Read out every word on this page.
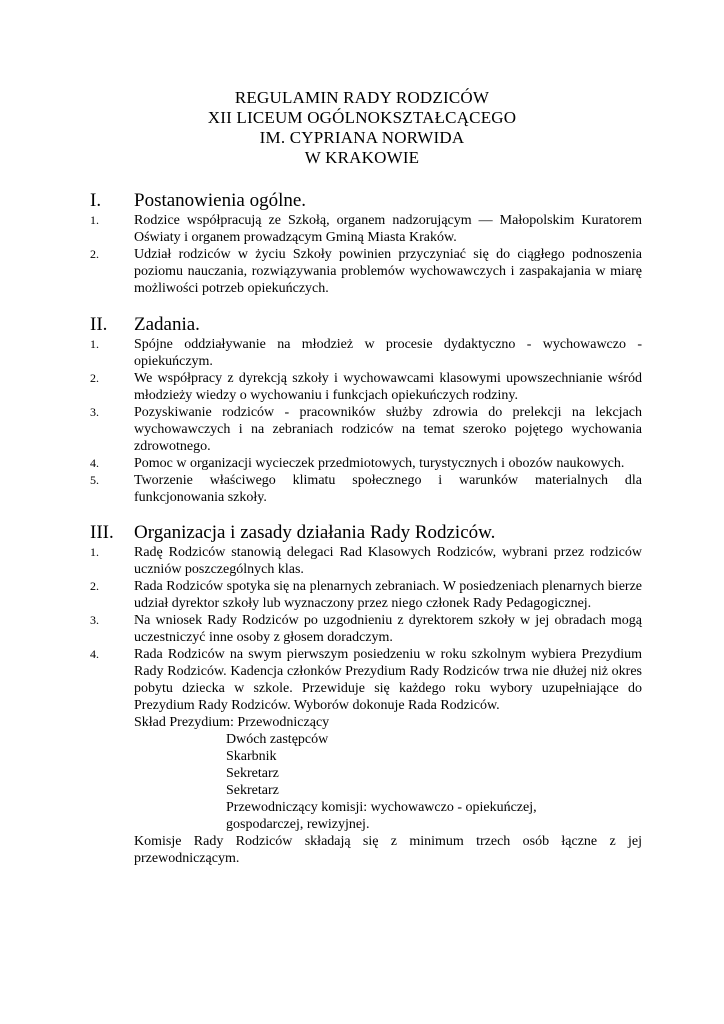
REGULAMIN RADY RODZICÓW
XII LICEUM OGÓLNOKSZTAŁCĄCEGO
IM. CYPRIANA NORWIDA
W KRAKOWIE
I.	Postanowienia ogólne.
1.	Rodzice współpracują ze Szkołą, organem nadzorującym — Małopolskim Kuratorem Oświaty i organem prowadzącym Gminą Miasta Kraków.
2.	Udział rodziców w życiu Szkoły powinien przyczyniać się do ciągłego podnoszenia poziomu nauczania, rozwiązywania problemów wychowawczych i zaspakajania w miarę możliwości potrzeb opiekuńczych.
II.	Zadania.
1.	Spójne oddziaływanie na młodzież w procesie dydaktyczno - wychowawczo - opiekuńczym.
2.	We współpracy z dyrekcją szkoły i wychowawcami klasowymi upowszechnianie wśród młodzieży wiedzy o wychowaniu i funkcjach opiekuńczych rodziny.
3.	Pozyskiwanie rodziców - pracowników służby zdrowia do prelekcji na lekcjach wychowawczych i na zebraniach rodziców na temat szeroko pojętego wychowania zdrowotnego.
4.	Pomoc w organizacji wycieczek przedmiotowych, turystycznych i obozów naukowych.
5.	Tworzenie właściwego klimatu społecznego i warunków materialnych dla funkcjonowania szkoły.
III.	Organizacja i zasady działania Rady Rodziców.
1.	Radę Rodziców stanowią delegaci Rad Klasowych Rodziców, wybrani przez rodziców uczniów poszczególnych klas.
2.	Rada Rodziców spotyka się na plenarnych zebraniach. W posiedzeniach plenarnych bierze udział dyrektor szkoły lub wyznaczony przez niego członek Rady Pedagogicznej.
3.	Na wniosek Rady Rodziców po uzgodnieniu z dyrektorem szkoły w jej obradach mogą uczestniczyć inne osoby z głosem doradczym.
4.	Rada Rodziców na swym pierwszym posiedzeniu w roku szkolnym wybiera Prezydium Rady Rodziców. Kadencja członków Prezydium Rady Rodziców trwa nie dłużej niż okres pobytu dziecka w szkole. Przewiduje się każdego roku wybory uzupełniające do Prezydium Rady Rodziców. Wyborów dokonuje Rada Rodziców.
Skład Prezydium: Przewodniczący
Dwóch zastępców
Skarbnik
Sekretarz
Sekretarz
Przewodniczący komisji: wychowawczo - opiekuńczej,
gospodarczej, rewizyjnej.
Komisje Rady Rodziców składają się z minimum trzech osób łączne z jej przewodniczącym.
